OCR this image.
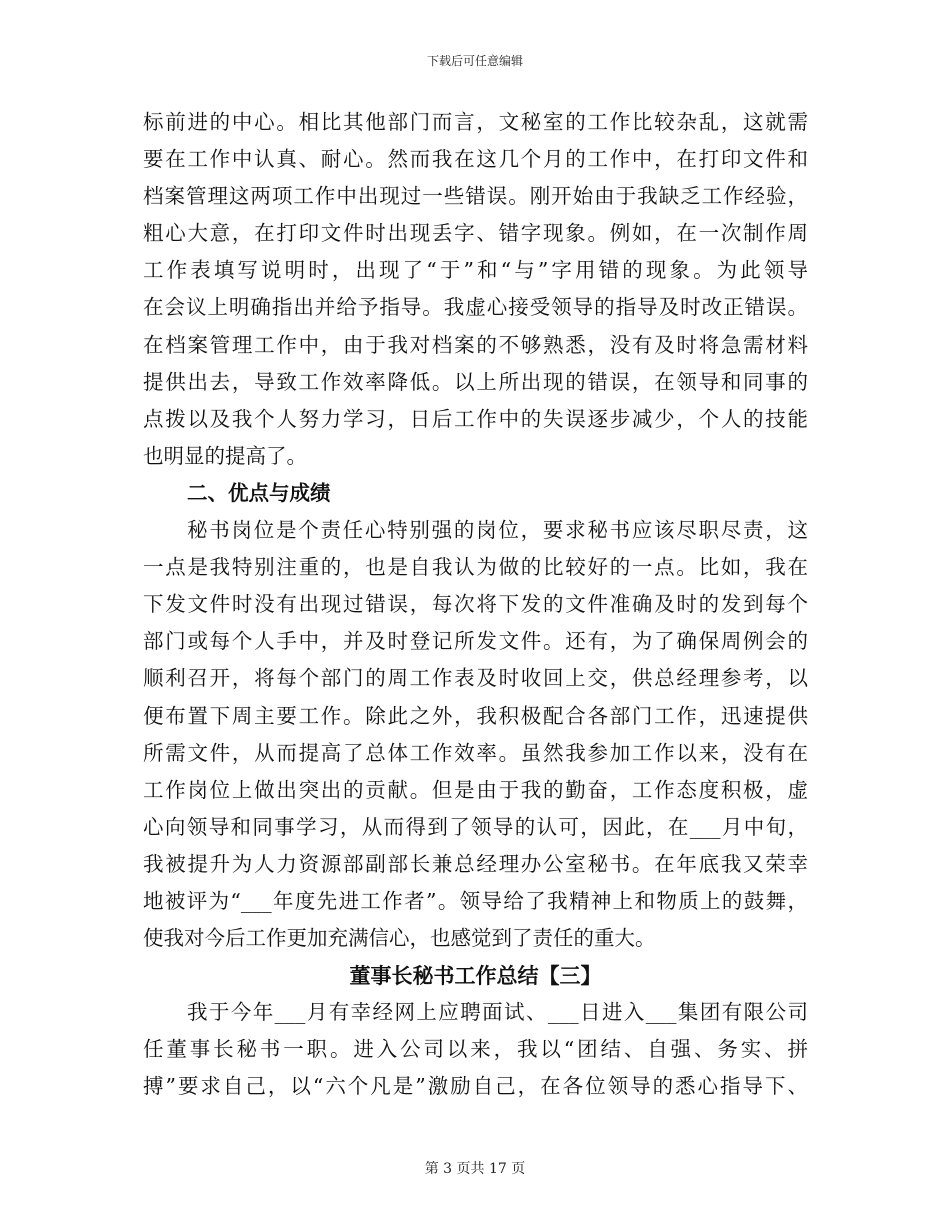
下载后可任意编辑
标前进的中心。相比其他部门而言，文秘室的工作比较杂乱，这就需
要在工作中认真、耐心。然而我在这几个月的工作中，在打印文件和
档案管理这两项工作中出现过一些错误。刚开始由于我缺乏工作经验，
粗心大意，在打印文件时出现丢字、错字现象。例如，在一次制作周
工作表填写说明时，出现了“于”和“与”字用错的现象。为此领导
在会议上明确指出并给予指导。我虚心接受领导的指导及时改正错误。
在档案管理工作中，由于我对档案的不够熟悉，没有及时将急需材料
提供出去，导致工作效率降低。以上所出现的错误，在领导和同事的
点拨以及我个人努力学习，日后工作中的失误逐步减少，个人的技能
也明显的提高了。
二、优点与成绩
秘书岗位是个责任心特别强的岗位，要求秘书应该尽职尽责，这
一点是我特别注重的，也是自我认为做的比较好的一点。比如，我在
下发文件时没有出现过错误，每次将下发的文件准确及时的发到每个
部门或每个人手中，并及时登记所发文件。还有，为了确保周例会的
顺利召开，将每个部门的周工作表及时收回上交，供总经理参考，以
便布置下周主要工作。除此之外，我积极配合各部门工作，迅速提供
所需文件，从而提高了总体工作效率。虽然我参加工作以来，没有在
工作岗位上做出突出的贡献。但是由于我的勤奋，工作态度积极，虚
心向领导和同事学习，从而得到了领导的认可，因此，在___月中旬，
我被提升为人力资源部副部长兼总经理办公室秘书。在年底我又荣幸
地被评为“___年度先进工作者”。领导给了我精神上和物质上的鼓舞，
使我对今后工作更加充满信心，也感觉到了责任的重大。
董事长秘书工作总结【三】
我于今年___月有幸经网上应聘面试、___日进入___集团有限公司
任董事长秘书一职。进入公司以来，我以“团结、自强、务实、拼
搏”要求自己，以“六个凡是”激励自己，在各位领导的悉心指导下、
第 3 页共 17 页
